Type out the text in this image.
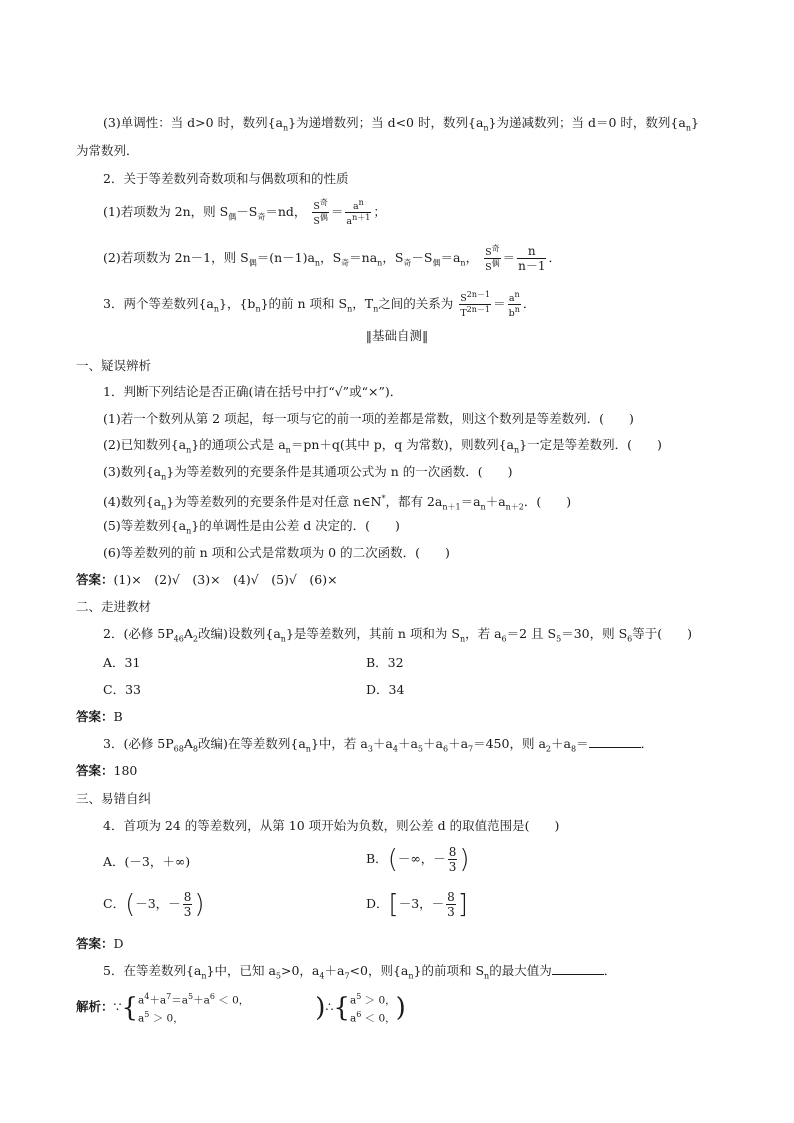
(3)单调性：当 d>0 时，数列$\{a_n\}$为递增数列；当 d<0 时，数列$\{a_n\}$为递减数列；当 d＝0 时，数列$\{a_n\}$
为常数列．
2．关于等差数列奇数项和与偶数项和的性质
(1)若项数为 2n，则 $S_偶-S_奇=nd$， $\frac{S^奇}{S^偶} = \frac{a^n}{a^{n+1}}$ ；
(2)若项数为 2n－1，则 $S_偶=(n-1)a_n$，$S_奇=na_n$，$S_奇-S_偶=a_n$， $\frac{S^奇}{S^偶} = \frac{n}{n-1}$ ．
3．两个等差数列$\{a_n\}$，$\{b_n\}$的前 n 项和 $S_n$，$T_n$之间的关系为 $\frac{S^{2n-1}}{T^{2n-1}} = \frac{a^n}{b^n}$ ．
‖基础自测‖
一、疑误辨析
1．判断下列结论是否正确(请在括号中打“√”或“×”)．
(1)若一个数列从第 2 项起，每一项与它的前一项的差都是常数，则这个数列是等差数列．(　　)
(2)已知数列$\{a_n\}$的通项公式是 $a_n=pn+q$(其中 p，q 为常数)，则数列$\{a_n\}$一定是等差数列．(　　)
(3)数列$\{a_n\}$为等差数列的充要条件是其通项公式为 n 的一次函数．(　　)
(4)数列$\{a_n\}$为等差数列的充要条件是对任意 n∈N*，都有 $2a_{n+1}=a_n+a_{n+2}$．(　　)
(5)等差数列$\{a_n\}$的单调性是由公差 d 决定的．(　　)
(6)等差数列的前 n 项和公式是常数项为 0 的二次函数．(　　)
答案：(1)×　(2)√　(3)×　(4)√　(5)√　(6)×
二、走进教材
2．(必修 $5P_{46}A_2$改编)设数列$\{a_n\}$是等差数列，其前 n 项和为 $S_n$，若 $a_6=2$ 且 $S_5=30$，则 $S_6$等于(　　)
A．31	B．32
C．33	D．34
答案：B
3．(必修 $5P_{68}A_8$改编)在等差数列$\{a_n\}$中，若 $a_3+a_4+a_5+a_6+a_7=450$，则 $a_2+a_8=$	．
答案：180
三、易错自纠
4．首项为 24 的等差数列，从第 10 项开始为负数，则公差 d 的取值范围是(　　)
A．(－3，＋∞)	B．(－∞，－ $\frac{8}{3}$ )
C．(－3，－ $\frac{8}{3}$ )	D．[－3，－ $\frac{8}{3}$ ]
答案：D
5．在等差数列$\{a_n\}$中，已知 $a_5>0$，$a_4+a_7<0$，则$\{a_n\}$的前项和 $S_n$的最大值为	．
解析：$\because\{a^4+a^7=a^5+a^6 < 0$，
$a^5 > 0$，	)$\therefore\{a^5 > 0$，
$a^6 < 0$，)
